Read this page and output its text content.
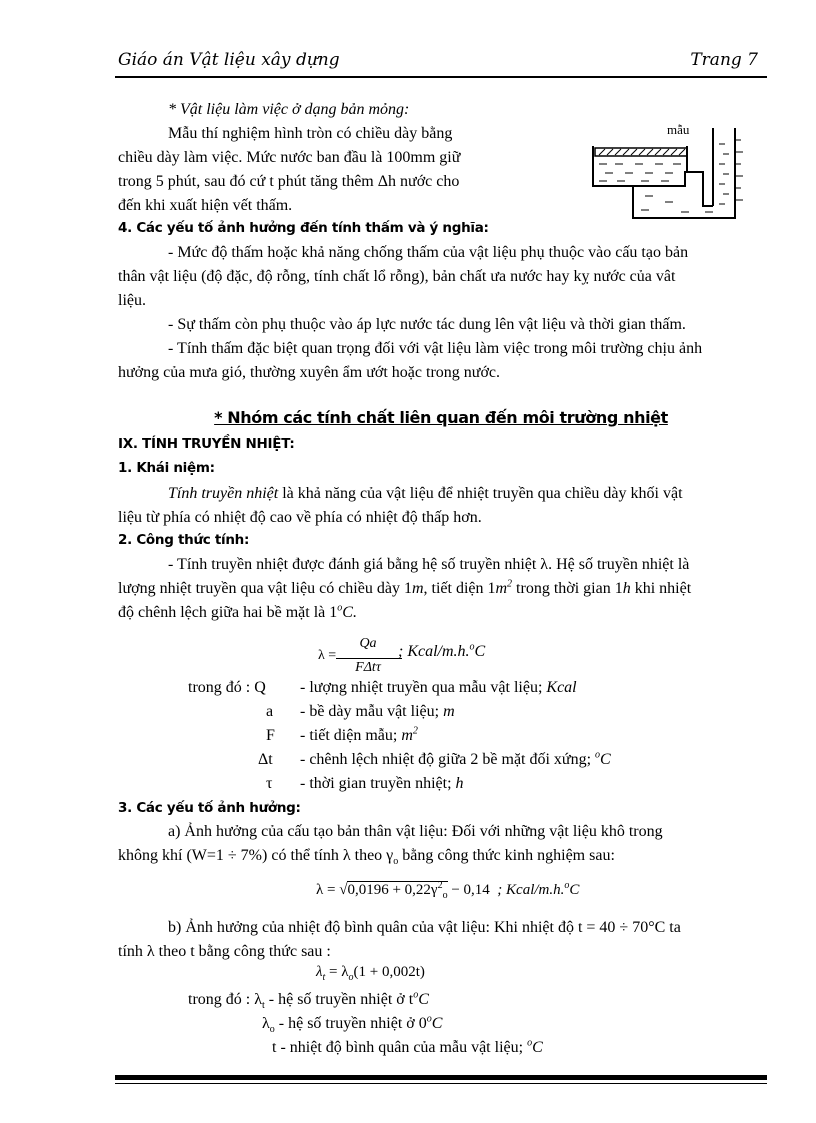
Giáo án Vật liệu xây dựng	Trang 7
* Vật liệu làm việc ở dạng bản mỏng:
Mẫu thí nghiệm hình tròn có chiều dày bằng
chiều dày làm việc. Mức nước ban đầu là 100mm giữ
trong 5 phút, sau đó cứ t phút tăng thêm Δh nước cho
đến khi xuất hiện vết thấm.
mẫu
4. Các yếu tố ảnh hưởng đến tính thấm và ý nghĩa:
- Mức độ thấm hoặc khả năng chống thấm của vật liệu phụ thuộc vào cấu tạo bản
thân vật liệu (độ đặc, độ rỗng, tính chất lổ rỗng), bản chất ưa nước hay kỵ nước của vât
liệu.
- Sự thấm còn phụ thuộc vào áp lực nước tác dung lên vật liệu và thời gian thấm.
- Tính thấm đặc biệt quan trọng đối với vật liệu làm việc trong môi trường chịu ảnh
hưởng của mưa gió, thường xuyên ẩm ướt hoặc trong nước.
* Nhóm các tính chất liên quan đến môi trường nhiệt
IX. TÍNH TRUYỀN NHIỆT:
1. Khái niệm:
Tính truyền nhiệt là khả năng của vật liệu để nhiệt truyền qua chiều dày khối vật
liệu từ phía có nhiệt độ cao về phía có nhiệt độ thấp hơn.
2. Công thức tính:
- Tính truyền nhiệt được đánh giá bằng hệ số truyền nhiệt λ. Hệ số truyền nhiệt là
lượng nhiệt truyền qua vật liệu có chiều dày 1m, tiết diện $1m^2$ trong thời gian 1h khi nhiệt
độ chênh lệch giữa hai bề mặt là 1$^o$C.
λ =
Qa
FΔtτ
; Kcal/m.h.$^o$C
trong đó : Q - lượng nhiệt truyền qua mẫu vật liệu; Kcal
a - bề dày mẫu vật liệu; m
F - tiết diện mẫu; $m^2$
Δt - chênh lệch nhiệt độ giữa 2 bề mặt đối xứng; $^o$C
τ - thời gian truyền nhiệt; h
3. Các yếu tố ảnh hưởng:
a) Ảnh hưởng của cấu tạo bản thân vật liệu: Đối với những vật liệu khô trong
không khí (W=1 ÷ 7%) có thể tính λ theo $\gamma_o$ bằng công thức kinh nghiệm sau:
$\lambda = √0,0196 + 0,22\gamma^2_o - 0,14$ ; Kcal/m.h.$^o$C
b) Ảnh hưởng của nhiệt độ bình quân của vật liệu: Khi nhiệt độ t = 40 ÷ 70°C ta
tính λ theo t bằng công thức sau :
$\lambda_t = \lambda_o(1 + 0,002t)$
trong đó : $\lambda_t$ - hệ số truyền nhiệt ở $t^oC$
$\lambda_o$ - hệ số truyền nhiệt ở 0$^o$C
t - nhiệt độ bình quân của mẫu vật liệu; $^o$C
